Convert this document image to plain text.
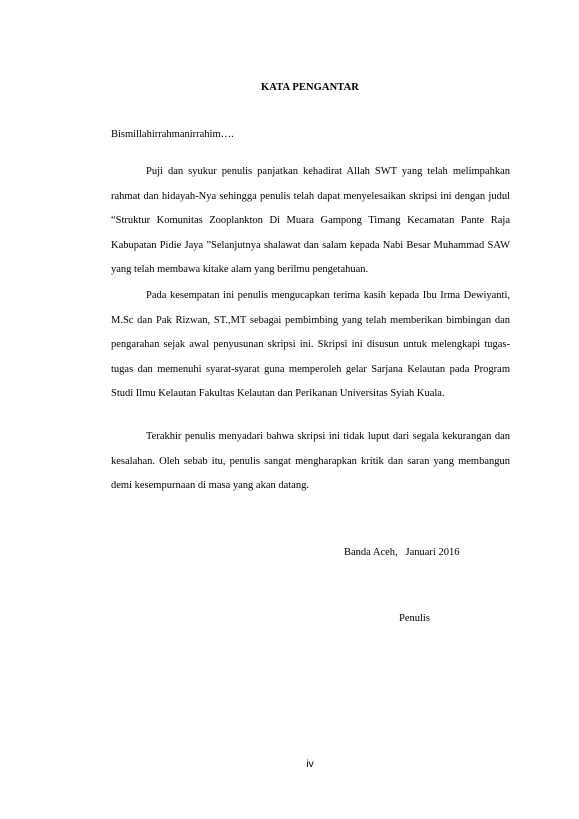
KATA PENGANTAR
Bismillahirrahmanirrahim….

Puji dan syukur penulis panjatkan kehadirat Allah SWT yang telah melimpahkan rahmat dan hidayah-Nya sehingga penulis telah dapat menyelesaikan skripsi ini dengan judul “Struktur Komunitas Zooplankton Di Muara Gampong Timang Kecamatan Pante Raja Kabupatan Pidie Jaya ”Selanjutnya shalawat dan salam kepada Nabi Besar Muhammad SAW yang telah membawa kitake alam yang berilmu pengetahuan.

Pada kesempatan ini penulis mengucapkan terima kasih kepada Ibu Irma Dewiyanti, M.Sc dan Pak Rizwan, ST.,MT sebagai pembimbing yang telah memberikan bimbingan dan pengarahan sejak awal penyusunan skripsi ini. Skripsi ini disusun untuk melengkapi tugas-tugas dan memenuhi syarat-syarat guna memperoleh gelar Sarjana Kelautan pada Program Studi Ilmu Kelautan Fakultas Kelautan dan Perikanan Universitas Syiah Kuala.

Terakhir penulis menyadari bahwa skripsi ini tidak luput dari segala kekurangan dan kesalahan. Oleh sebab itu, penulis sangat mengharapkan kritik dan saran yang membangun demi kesempurnaan di masa yang akan datang.

Banda Aceh,   Januari 2016
Penulis
iv
